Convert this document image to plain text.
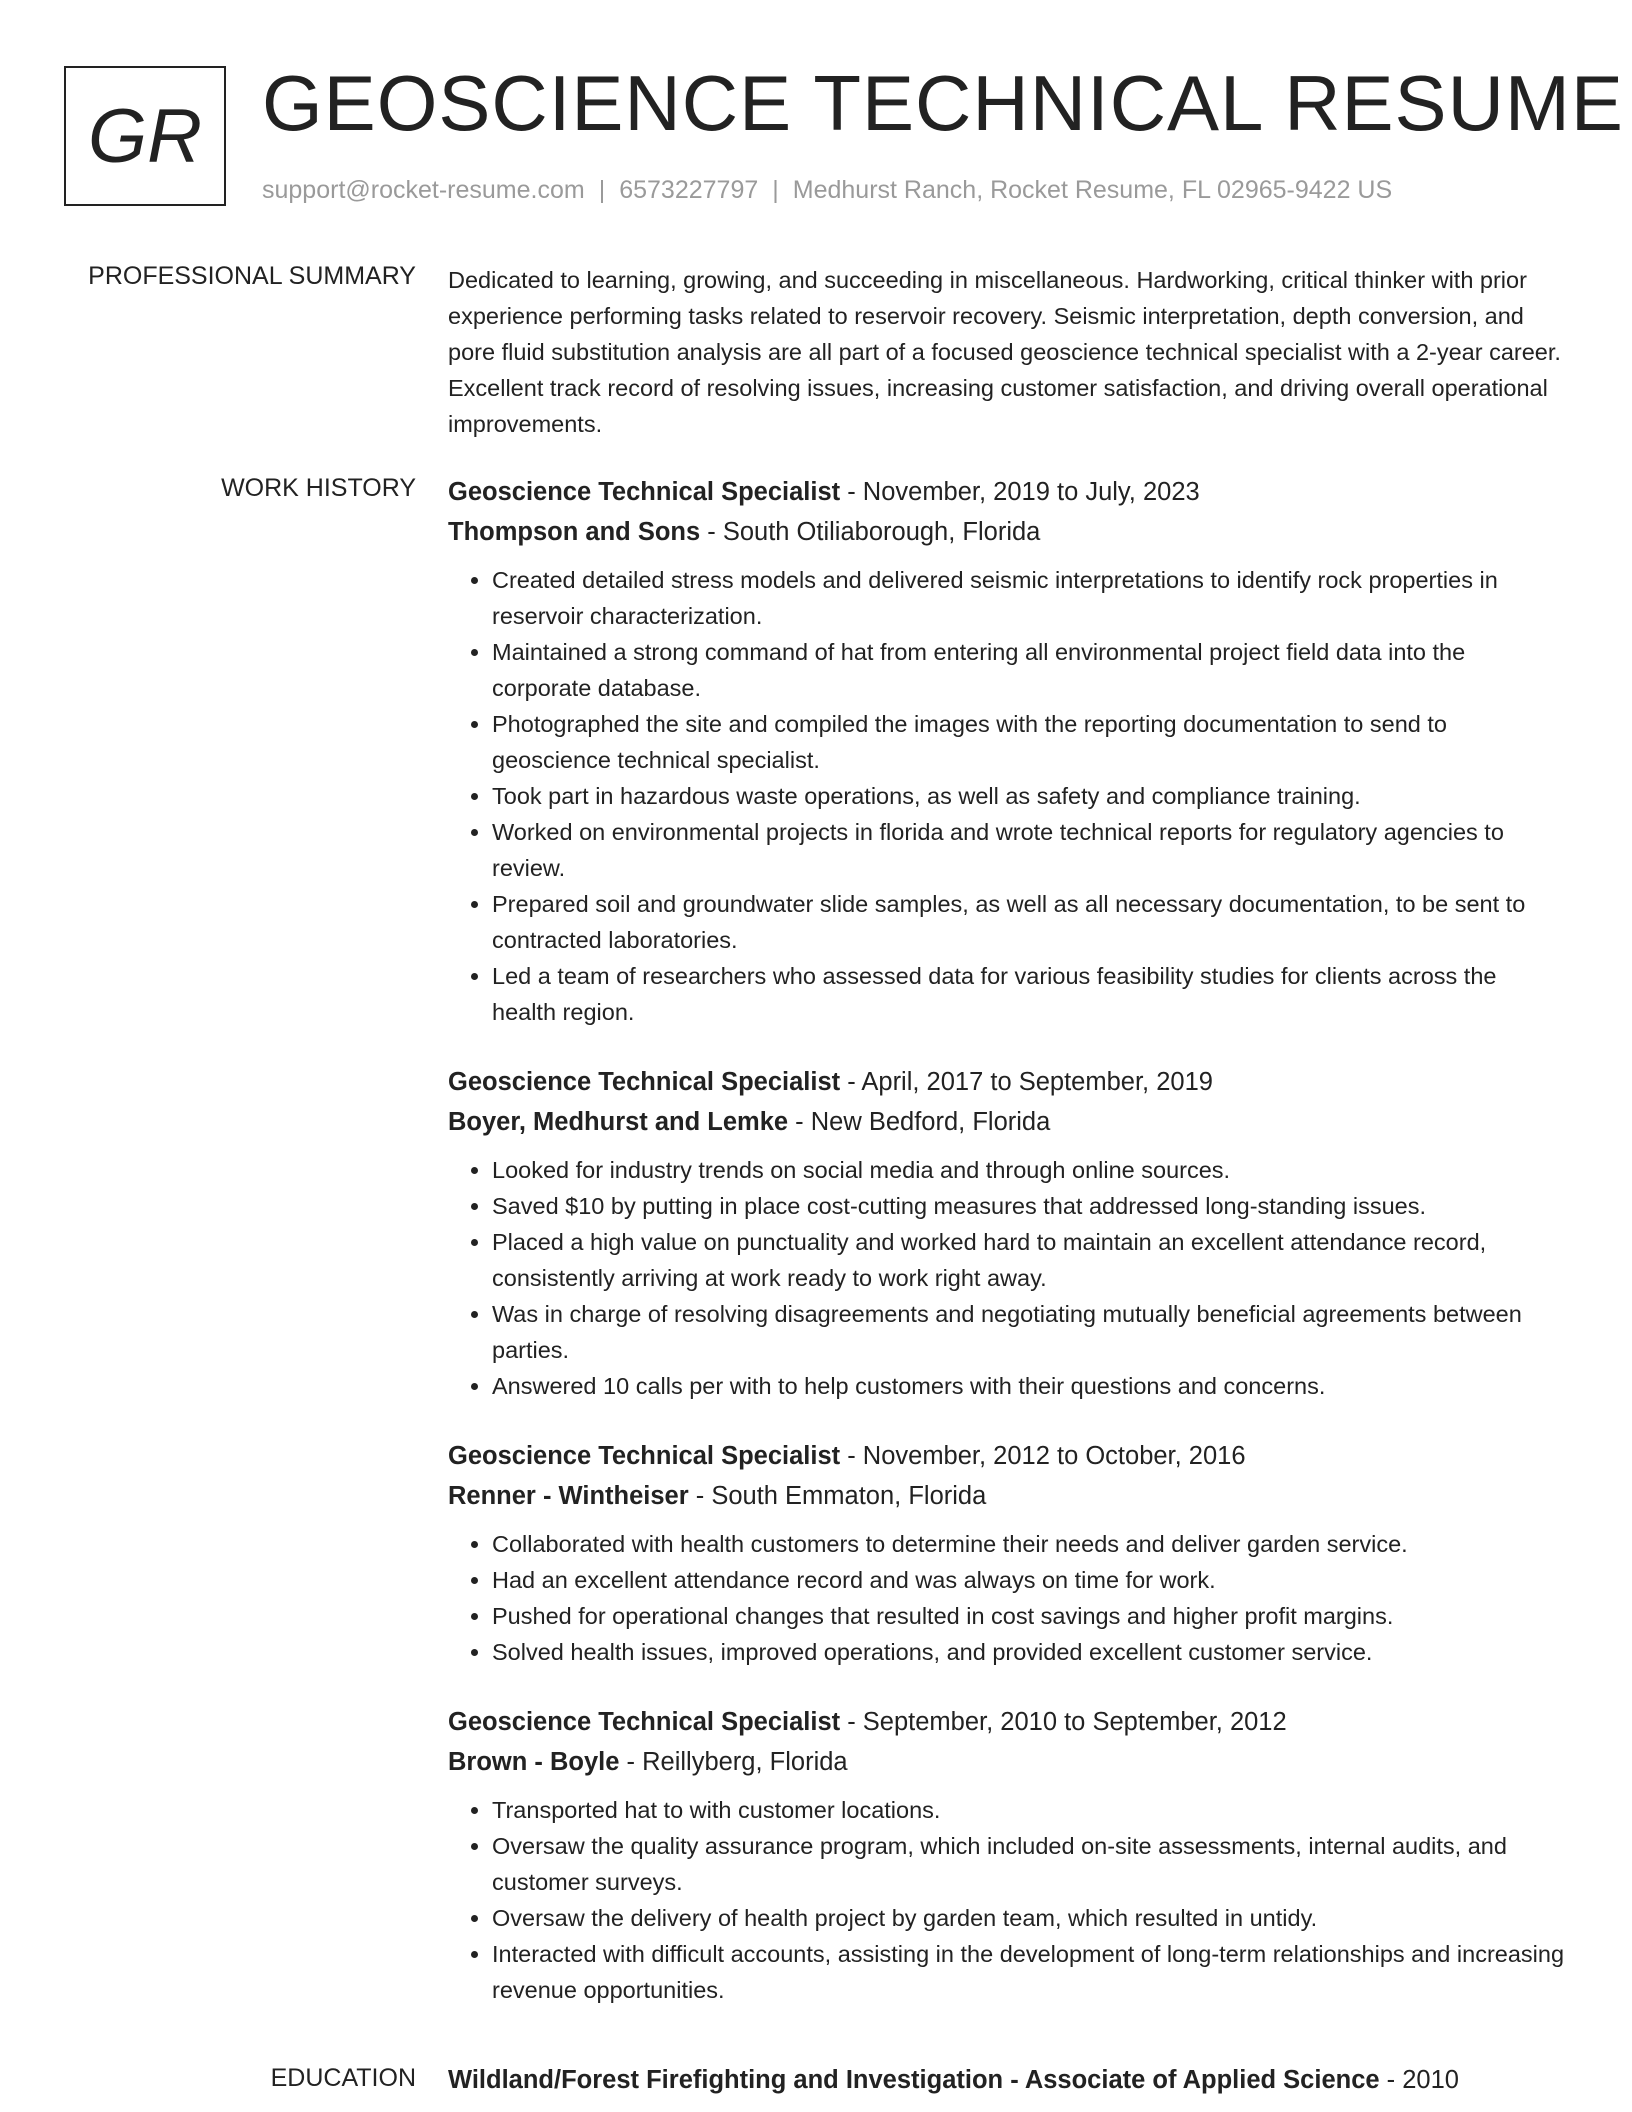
GR GEOSCIENCE TECHNICAL RESUME
support@rocket-resume.com | 6573227797 | Medhurst Ranch, Rocket Resume, FL 02965-9422 US
PROFESSIONAL SUMMARY Dedicated to learning, growing, and succeeding in miscellaneous. Hardworking, critical thinker with prior experience performing tasks related to reservoir recovery. Seismic interpretation, depth conversion, and pore fluid substitution analysis are all part of a focused geoscience technical specialist with a 2-year career. Excellent track record of resolving issues, increasing customer satisfaction, and driving overall operational improvements.

WORK HISTORY Geoscience Technical Specialist - November, 2019 to July, 2023
Thompson and Sons - South Otiliaborough, Florida
• Created detailed stress models and delivered seismic interpretations to identify rock properties in reservoir characterization.
• Maintained a strong command of hat from entering all environmental project field data into the corporate database.
• Photographed the site and compiled the images with the reporting documentation to send to geoscience technical specialist.
• Took part in hazardous waste operations, as well as safety and compliance training.
• Worked on environmental projects in florida and wrote technical reports for regulatory agencies to review.
• Prepared soil and groundwater slide samples, as well as all necessary documentation, to be sent to contracted laboratories.
• Led a team of researchers who assessed data for various feasibility studies for clients across the health region.
Geoscience Technical Specialist - April, 2017 to September, 2019
Boyer, Medhurst and Lemke - New Bedford, Florida
• Looked for industry trends on social media and through online sources.
• Saved $10 by putting in place cost-cutting measures that addressed long-standing issues.
• Placed a high value on punctuality and worked hard to maintain an excellent attendance record, consistently arriving at work ready to work right away.
• Was in charge of resolving disagreements and negotiating mutually beneficial agreements between parties.
• Answered 10 calls per with to help customers with their questions and concerns.
Geoscience Technical Specialist - November, 2012 to October, 2016
Renner - Wintheiser - South Emmaton, Florida
• Collaborated with health customers to determine their needs and deliver garden service.
• Had an excellent attendance record and was always on time for work.
• Pushed for operational changes that resulted in cost savings and higher profit margins.
• Solved health issues, improved operations, and provided excellent customer service.
Geoscience Technical Specialist - September, 2010 to September, 2012
Brown - Boyle - Reillyberg, Florida
• Transported hat to with customer locations.
• Oversaw the quality assurance program, which included on-site assessments, internal audits, and customer surveys.
• Oversaw the delivery of health project by garden team, which resulted in untidy.
• Interacted with difficult accounts, assisting in the development of long-term relationships and increasing revenue opportunities.
EDUCATION Wildland/Forest Firefighting and Investigation - Associate of Applied Science - 2010
